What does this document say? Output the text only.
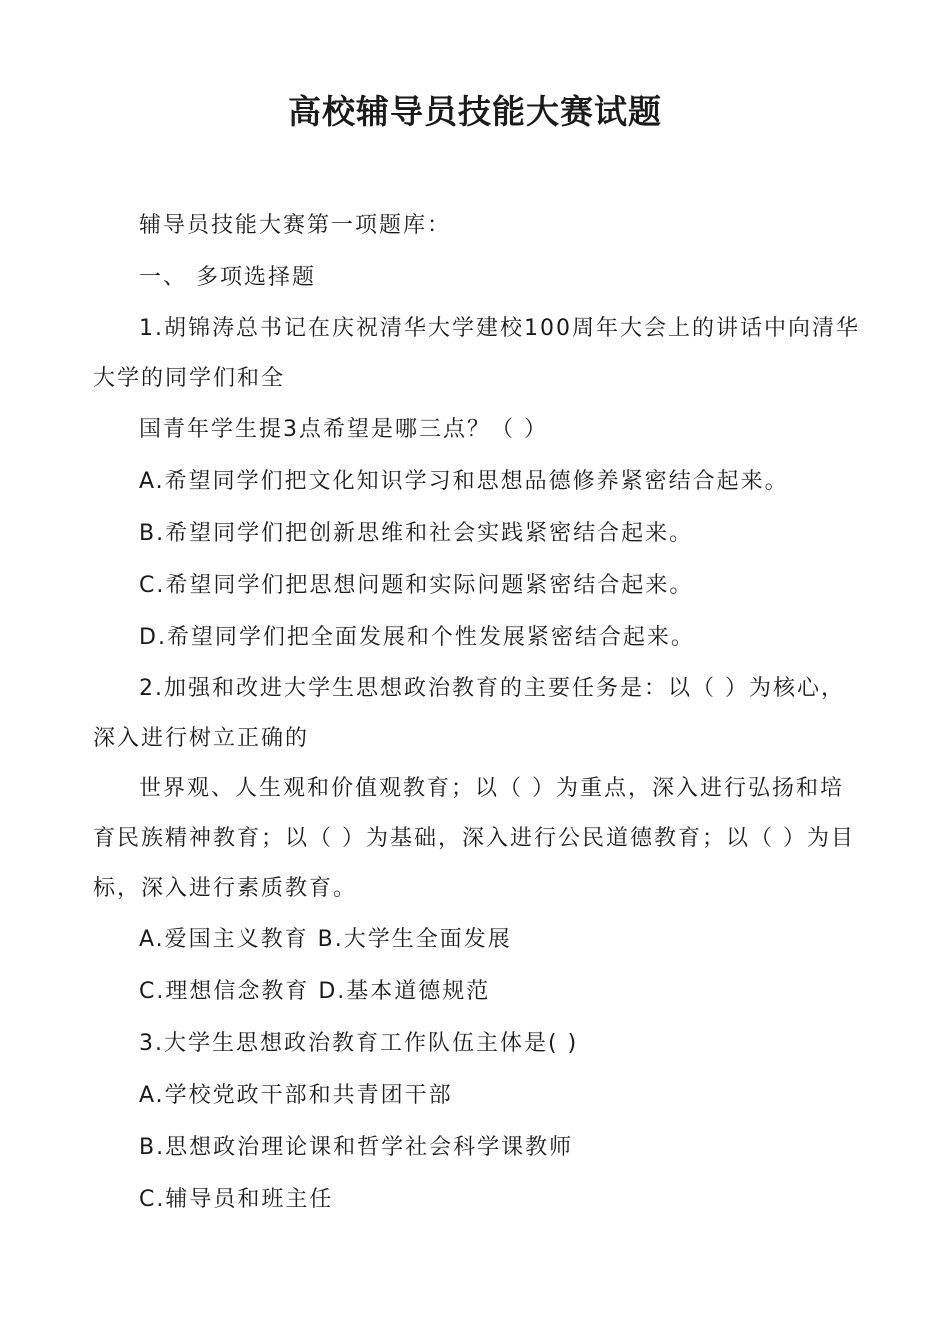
高校辅导员技能大赛试题

辅导员技能大赛第一项题库：

一、 多项选择题

1.胡锦涛总书记在庆祝清华大学建校100周年大会上的讲话中向清华大学的同学们和全

国青年学生提3点希望是哪三点？（ ）

A.希望同学们把文化知识学习和思想品德修养紧密结合起来。

B.希望同学们把创新思维和社会实践紧密结合起来。

C.希望同学们把思想问题和实际问题紧密结合起来。

D.希望同学们把全面发展和个性发展紧密结合起来。

2.加强和改进大学生思想政治教育的主要任务是：以（ ）为核心，深入进行树立正确的

世界观、人生观和价值观教育；以（ ）为重点，深入进行弘扬和培育民族精神教育；以（ ）为基础，深入进行公民道德教育；以（ ）为目标，深入进行素质教育。

A.爱国主义教育 B.大学生全面发展

C.理想信念教育 D.基本道德规范

3.大学生思想政治教育工作队伍主体是( )

A.学校党政干部和共青团干部

B.思想政治理论课和哲学社会科学课教师

C.辅导员和班主任
